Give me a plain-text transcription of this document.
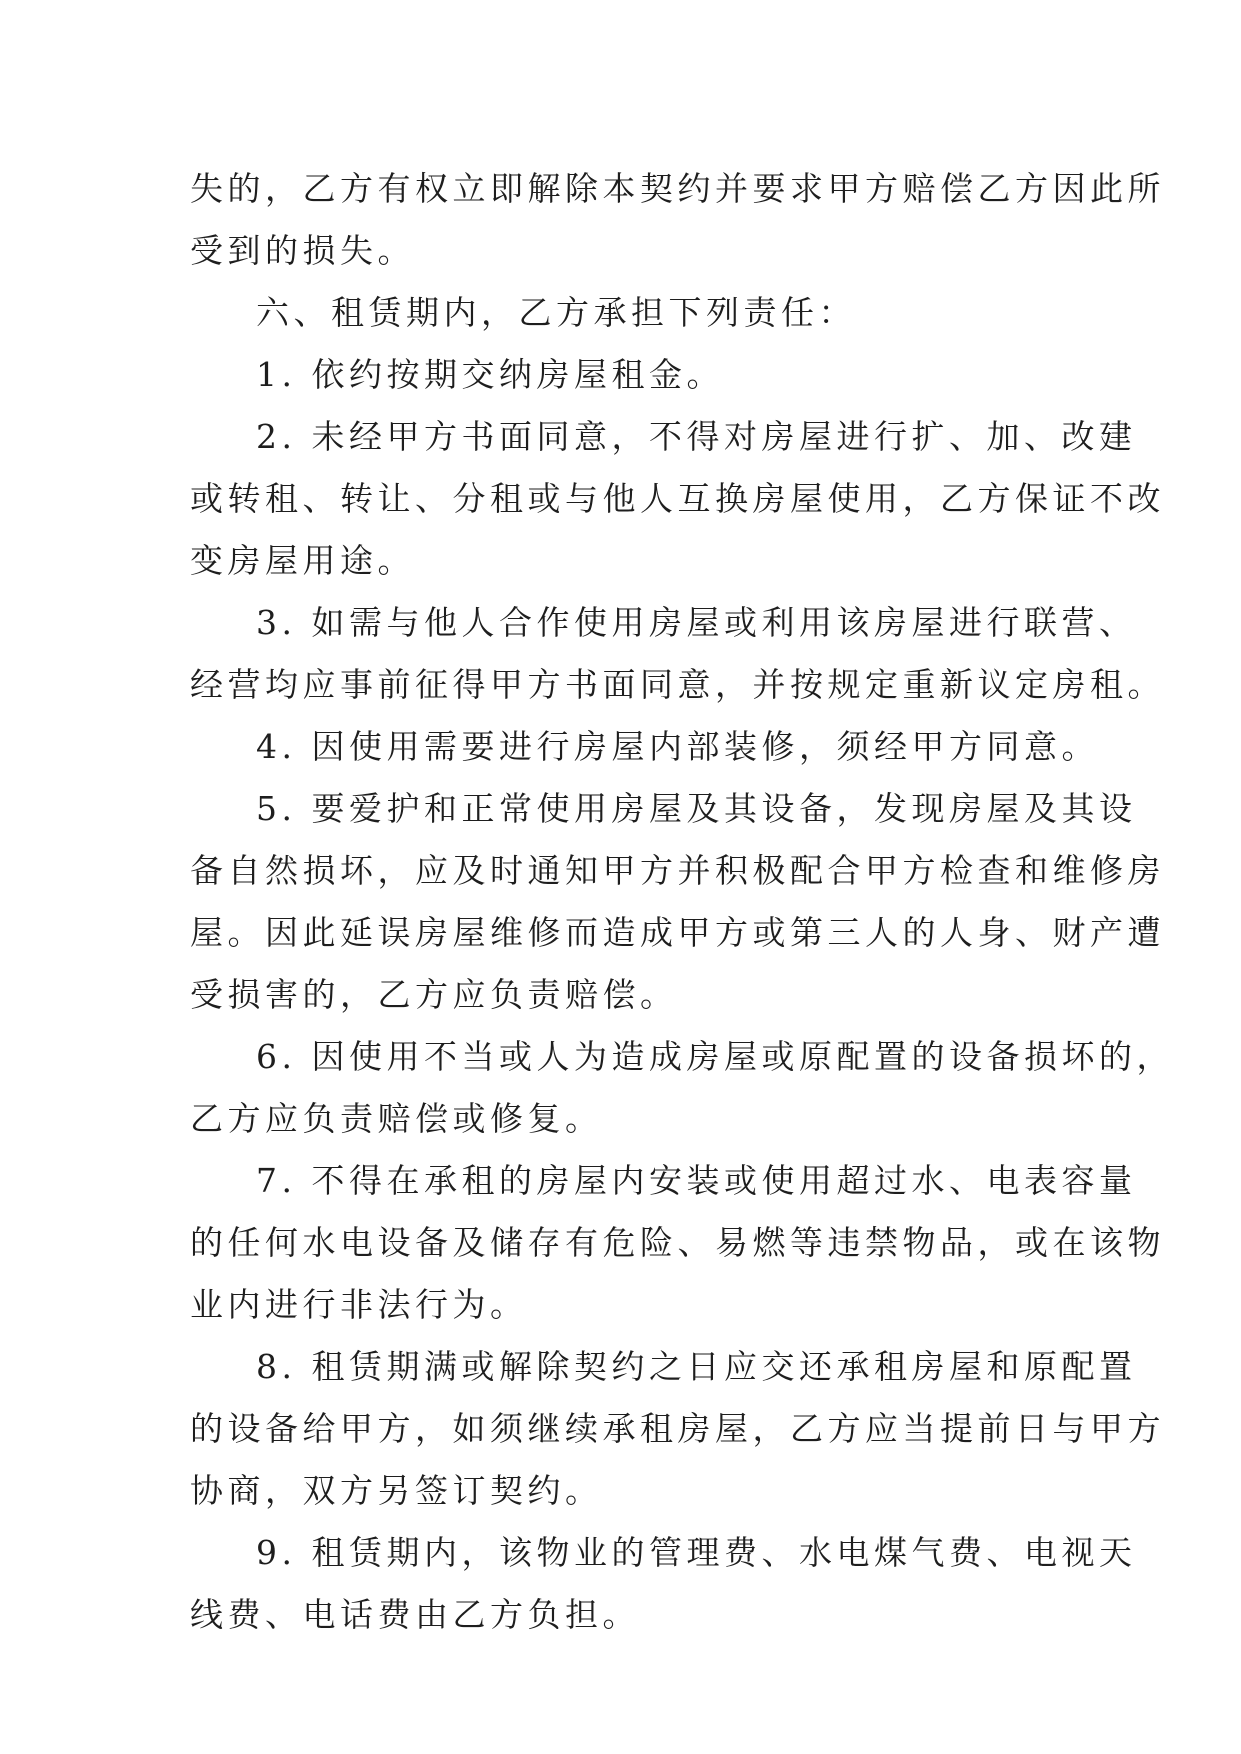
失的，乙方有权立即解除本契约并要求甲方赔偿乙方因此所
受到的损失。
六、租赁期内，乙方承担下列责任：
1. 依约按期交纳房屋租金。
2. 未经甲方书面同意，不得对房屋进行扩、加、改建
或转租、转让、分租或与他人互换房屋使用，乙方保证不改
变房屋用途。
3. 如需与他人合作使用房屋或利用该房屋进行联营、
经营均应事前征得甲方书面同意，并按规定重新议定房租。
4. 因使用需要进行房屋内部装修，须经甲方同意。
5. 要爱护和正常使用房屋及其设备，发现房屋及其设
备自然损坏，应及时通知甲方并积极配合甲方检查和维修房
屋。因此延误房屋维修而造成甲方或第三人的人身、财产遭
受损害的，乙方应负责赔偿。
6. 因使用不当或人为造成房屋或原配置的设备损坏的，
乙方应负责赔偿或修复。
7. 不得在承租的房屋内安装或使用超过水、电表容量
的任何水电设备及储存有危险、易燃等违禁物品，或在该物
业内进行非法行为。
8. 租赁期满或解除契约之日应交还承租房屋和原配置
的设备给甲方，如须继续承租房屋，乙方应当提前日与甲方
协商，双方另签订契约。
9. 租赁期内，该物业的管理费、水电煤气费、电视天
线费、电话费由乙方负担。
